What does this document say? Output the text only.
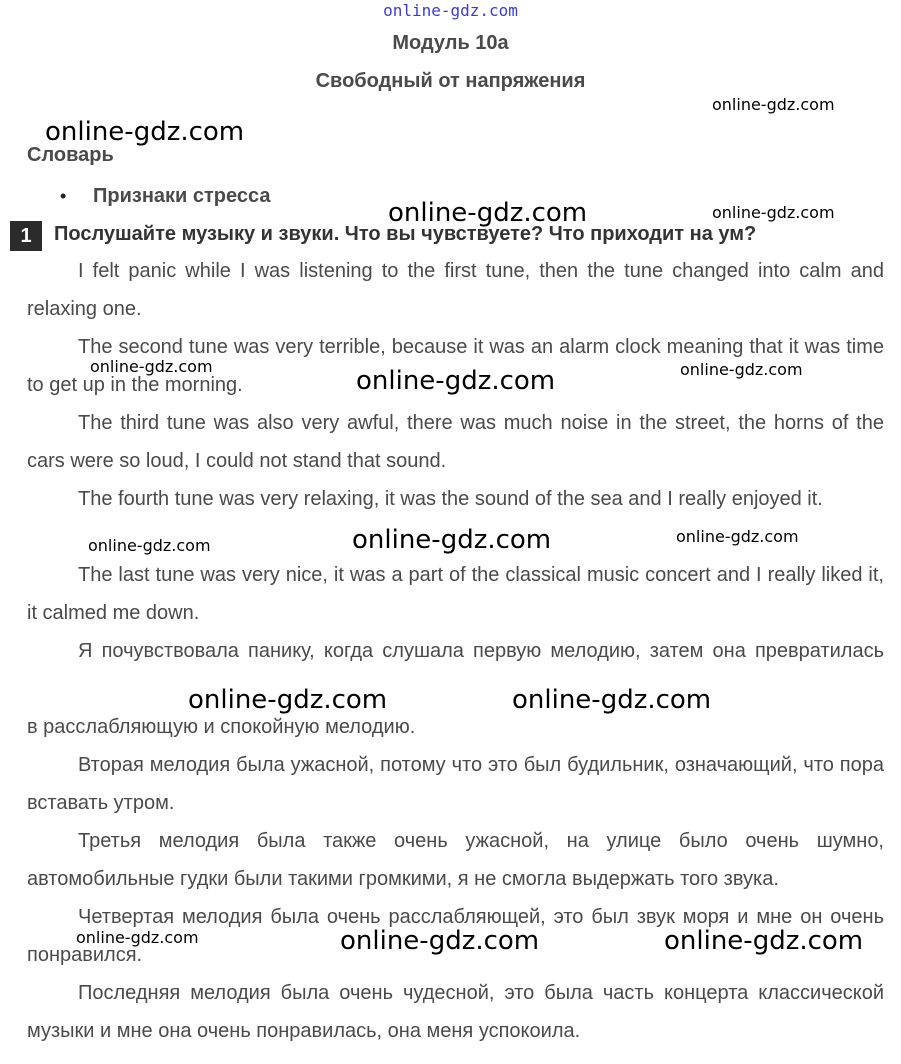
online-gdz.com
Модуль 10а
Свободный от напряжения
Словарь
• Признаки стресса
1	Послушайте музыку и звуки. Что вы чувствуете? Что приходит на ум?

I felt panic while I was listening to the first tune, then the tune changed into calm and relaxing one.

The second tune was very terrible, because it was an alarm clock meaning that it was time to get up in the morning.

The third tune was also very awful, there was much noise in the street, the horns of the cars were so loud, I could not stand that sound.

The fourth tune was very relaxing, it was the sound of the sea and I really enjoyed it.

The last tune was very nice, it was a part of the classical music concert and I really liked it, it calmed me down.

Я почувствовала панику, когда слушала первую мелодию, затем она превратилась

в расслабляющую и спокойную мелодию.

Вторая мелодия была ужасной, потому что это был будильник, означающий, что пора вставать утром.

Третья мелодия была также очень ужасной, на улице было очень шумно, автомобильные гудки были такими громкими, я не смогла выдержать того звука.

Четвертая мелодия была очень расслабляющей, это был звук моря и мне он очень понравился.

Последняя мелодия была очень чудесной, это была часть концерта классической музыки и мне она очень понравилась, она меня успокоила.

online-gdz.com
online-gdz.com
online-gdz.com	online-gdz.com
online-gdz.com	online-gdz.com	online-gdz.com
online-gdz.com	online-gdz.com	online-gdz.com
online-gdz.com	online-gdz.com
online-gdz.com	online-gdz.com	online-gdz.com
